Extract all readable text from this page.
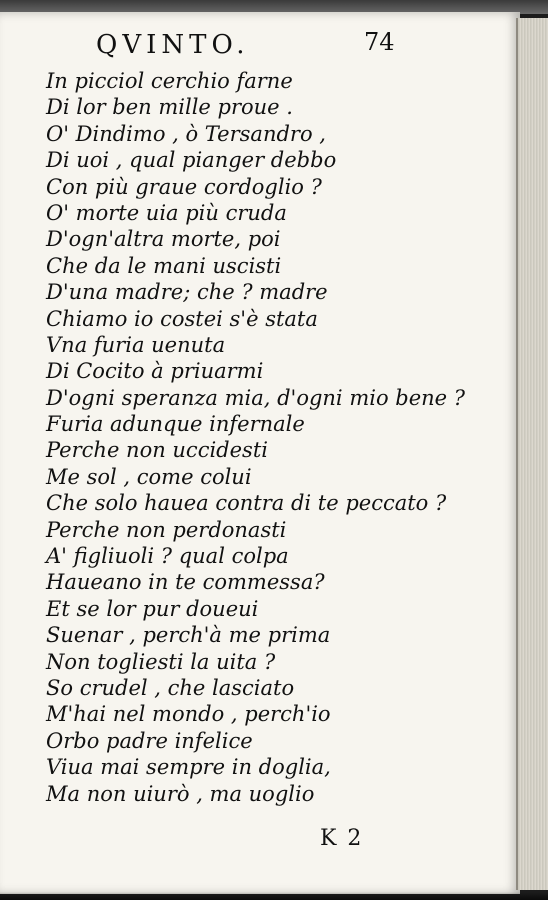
QVINTO.	74
In picciol cerchio farne
Di lor ben mille proue .
O' Dindimo , ò Tersandro ,
Di uoi , qual pianger debbo
Con più graue cordoglio ?
O' morte uia più cruda
D'ogn'altra morte, poi
Che da le mani uscisti
D'una madre; che ? madre
Chiamo io costei s'è stata
Vna furia uenuta
Di Cocito à priuarmi
D'ogni speranza mia, d'ogni mio bene ?
Furia adunque infernale
Perche non uccidesti
Me sol , come colui
Che solo hauea contra di te peccato ?
Perche non perdonasti
A' figliuoli ? qual colpa
Haueano in te commessa?
Et se lor pur doueui
Suenar , perch'à me prima
Non togliesti la uita ?
So crudel , che lasciato
M'hai nel mondo , perch'io
Orbo padre infelice
Viua mai sempre in doglia,
Ma non uiurò , ma uoglio
K 2
